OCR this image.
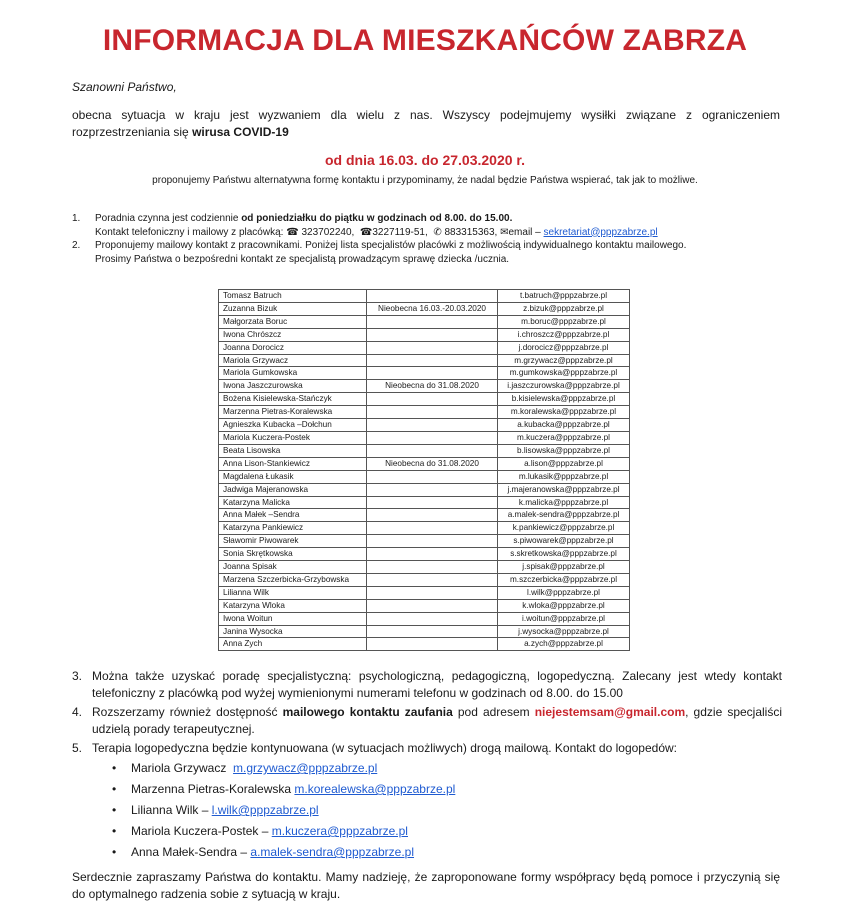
INFORMACJA DLA MIESZKAŃCÓW ZABRZA
Szanowni Państwo,
obecna sytuacja w kraju jest wyzwaniem dla wielu z nas. Wszyscy podejmujemy wysiłki związane z ograniczeniem rozprzestrzeniania się wirusa COVID-19
od dnia 16.03. do 27.03.2020 r.
proponujemy Państwu alternatywna formę kontaktu i przypominamy, że nadal będzie Państwa wspierać, tak jak to możliwe.
1. Poradnia czynna jest codziennie od poniedziałku do piątku w godzinach od 8.00. do 15.00.
Kontakt telefoniczny i mailowy z placówką: ☎ 323702240, ☎3227119-51, ✆ 883315363, ✉email – sekretariat@pppzabrze.pl
2. Proponujemy mailowy kontakt z pracownikami. Poniżej lista specjalistów placówki z możliwością indywidualnego kontaktu mailowego.
Prosimy Państwa o bezpośredni kontakt ze specjalistą prowadzącym sprawę dziecka /ucznia.
Tomasz Batruch		t.batruch@pppzabrze.pl
Zuzanna Bizuk	Nieobecna 16.03.-20.03.2020	z.bizuk@pppzabrze.pl
Małgorzata Boruc		m.boruc@pppzabrze.pl
Iwona Chrószcz		i.chroszcz@pppzabrze.pl
Joanna Dorocicz		j.dorocicz@pppzabrze.pl
Mariola Grzywacz		m.grzywacz@pppzabrze.pl
Mariola Gumkowska		m.gumkowska@pppzabrze.pl
Iwona Jaszczurowska	Nieobecna do 31.08.2020	i.jaszczurowska@pppzabrze.pl
Bożena Kisielewska-Stańczyk		b.kisielewska@pppzabrze.pl
Marzenna Pietras-Koralewska		m.koralewska@pppzabrze.pl
Agnieszka Kubacka –Dołchun		a.kubacka@pppzabrze.pl
Mariola Kuczera-Postek		m.kuczera@pppzabrze.pl
Beata Lisowska		b.lisowska@pppzabrze.pl
Anna Lison-Stankiewicz	Nieobecna do 31.08.2020	a.lison@pppzabrze.pl
Magdalena Łukasik		m.lukasik@pppzabrze.pl
Jadwiga Majeranowska		j.majeranowska@pppzabrze.pl
Katarzyna Malicka		k.malicka@pppzabrze.pl
Anna Małek –Sendra		a.malek-sendra@pppzabrze.pl
Katarzyna Pankiewicz		k.pankiewicz@pppzabrze.pl
Sławomir Piwowarek		s.piwowarek@pppzabrze.pl
Sonia Skrętkowska		s.skretkowska@pppzabrze.pl
Joanna Spisak		j.spisak@pppzabrze.pl
Marzena Szczerbicka-Grzybowska		m.szczerbicka@pppzabrze.pl
Lilianna Wilk		l.wilk@pppzabrze.pl
Katarzyna Wloka		k.wloka@pppzabrze.pl
Iwona Woitun		i.woitun@pppzabrze.pl
Janina Wysocka		j.wysocka@pppzabrze.pl
Anna Zych		a.zych@pppzabrze.pl
3. Można także uzyskać poradę specjalistyczną: psychologiczną, pedagogiczną, logopedyczną. Zalecany jest wtedy kontakt telefoniczny z placówką pod wyżej wymienionymi numerami telefonu w godzinach od 8.00. do 15.00
4. Rozszerzamy również dostępność mailowego kontaktu zaufania pod adresem niejestemsam@gmail.com, gdzie specjaliści udzielą porady terapeutycznej.
5. Terapia logopedyczna będzie kontynuowana (w sytuacjach możliwych) drogą mailową. Kontakt do logopedów:
• Mariola Grzywacz  m.grzywacz@pppzabrze.pl
• Marzenna Pietras-Koralewska m.korealewska@pppzabrze.pl
• Lilianna Wilk – l.wilk@pppzabrze.pl
• Mariola Kuczera-Postek – m.kuczera@pppzabrze.pl
• Anna Małek-Sendra – a.malek-sendra@pppzabrze.pl
Serdecznie zapraszamy Państwa do kontaktu. Mamy nadzieję, że zaproponowane formy współpracy będą pomoce i przyczynią się do optymalnego radzenia sobie z sytuacją w kraju.
